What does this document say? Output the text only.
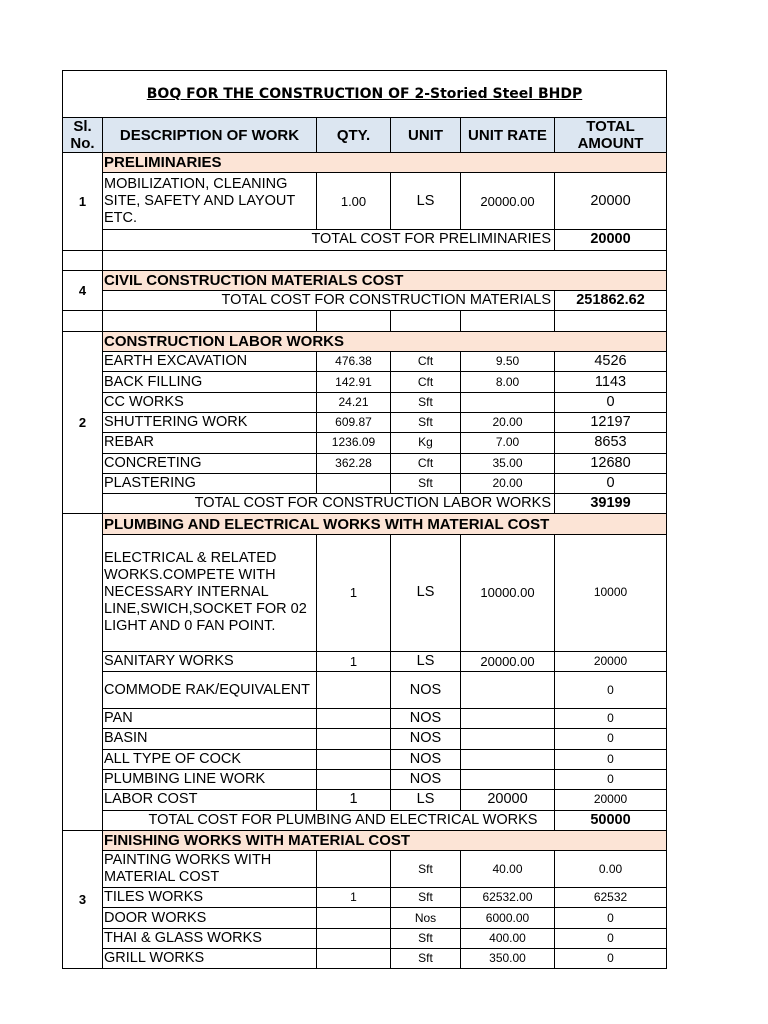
BOQ FOR THE CONSTRUCTION OF 2-Storied Steel BHDP					
Sl. No.	DESCRIPTION OF WORK	QTY.	UNIT	UNIT RATE	TOTAL AMOUNT
1	PRELIMINARIES				
	MOBILIZATION, CLEANING SITE, SAFETY AND LAYOUT ETC.	1.00	LS	20000.00	20000
	TOTAL COST FOR PRELIMINARIES				20000

4	CIVIL CONSTRUCTION MATERIALS COST				
	TOTAL COST FOR CONSTRUCTION MATERIALS				251862.62

2	CONSTRUCTION LABOR WORKS				
	EARTH EXCAVATION	476.38	Cft	9.50	4526
	BACK FILLING	142.91	Cft	8.00	1143
	CC WORKS	24.21	Sft		0
	SHUTTERING WORK	609.87	Sft	20.00	12197
	REBAR	1236.09	Kg	7.00	8653
	CONCRETING	362.28	Cft	35.00	12680
	PLASTERING		Sft	20.00	0
	TOTAL COST FOR CONSTRUCTION LABOR WORKS				39199
	PLUMBING AND ELECTRICAL WORKS WITH MATERIAL COST				
	ELECTRICAL & RELATED WORKS.COMPETE WITH NECESSARY INTERNAL LINE,SWICH,SOCKET FOR 02 LIGHT AND 0 FAN POINT.	1	LS	10000.00	10000
	SANITARY WORKS	1	LS	20000.00	20000
	COMMODE RAK/EQUIVALENT		NOS		0
	PAN		NOS		0
	BASIN		NOS		0
	ALL TYPE OF COCK		NOS		0
	PLUMBING LINE WORK		NOS		0
	LABOR COST	1	LS	20000	20000
	TOTAL COST FOR PLUMBING AND ELECTRICAL WORKS				50000
3	FINISHING WORKS WITH MATERIAL COST				
	PAINTING WORKS WITH MATERIAL COST		Sft	40.00	0.00
	TILES WORKS	1	Sft	62532.00	62532
	DOOR WORKS		Nos	6000.00	0
	THAI & GLASS WORKS		Sft	400.00	0
	GRILL WORKS		Sft	350.00	0
